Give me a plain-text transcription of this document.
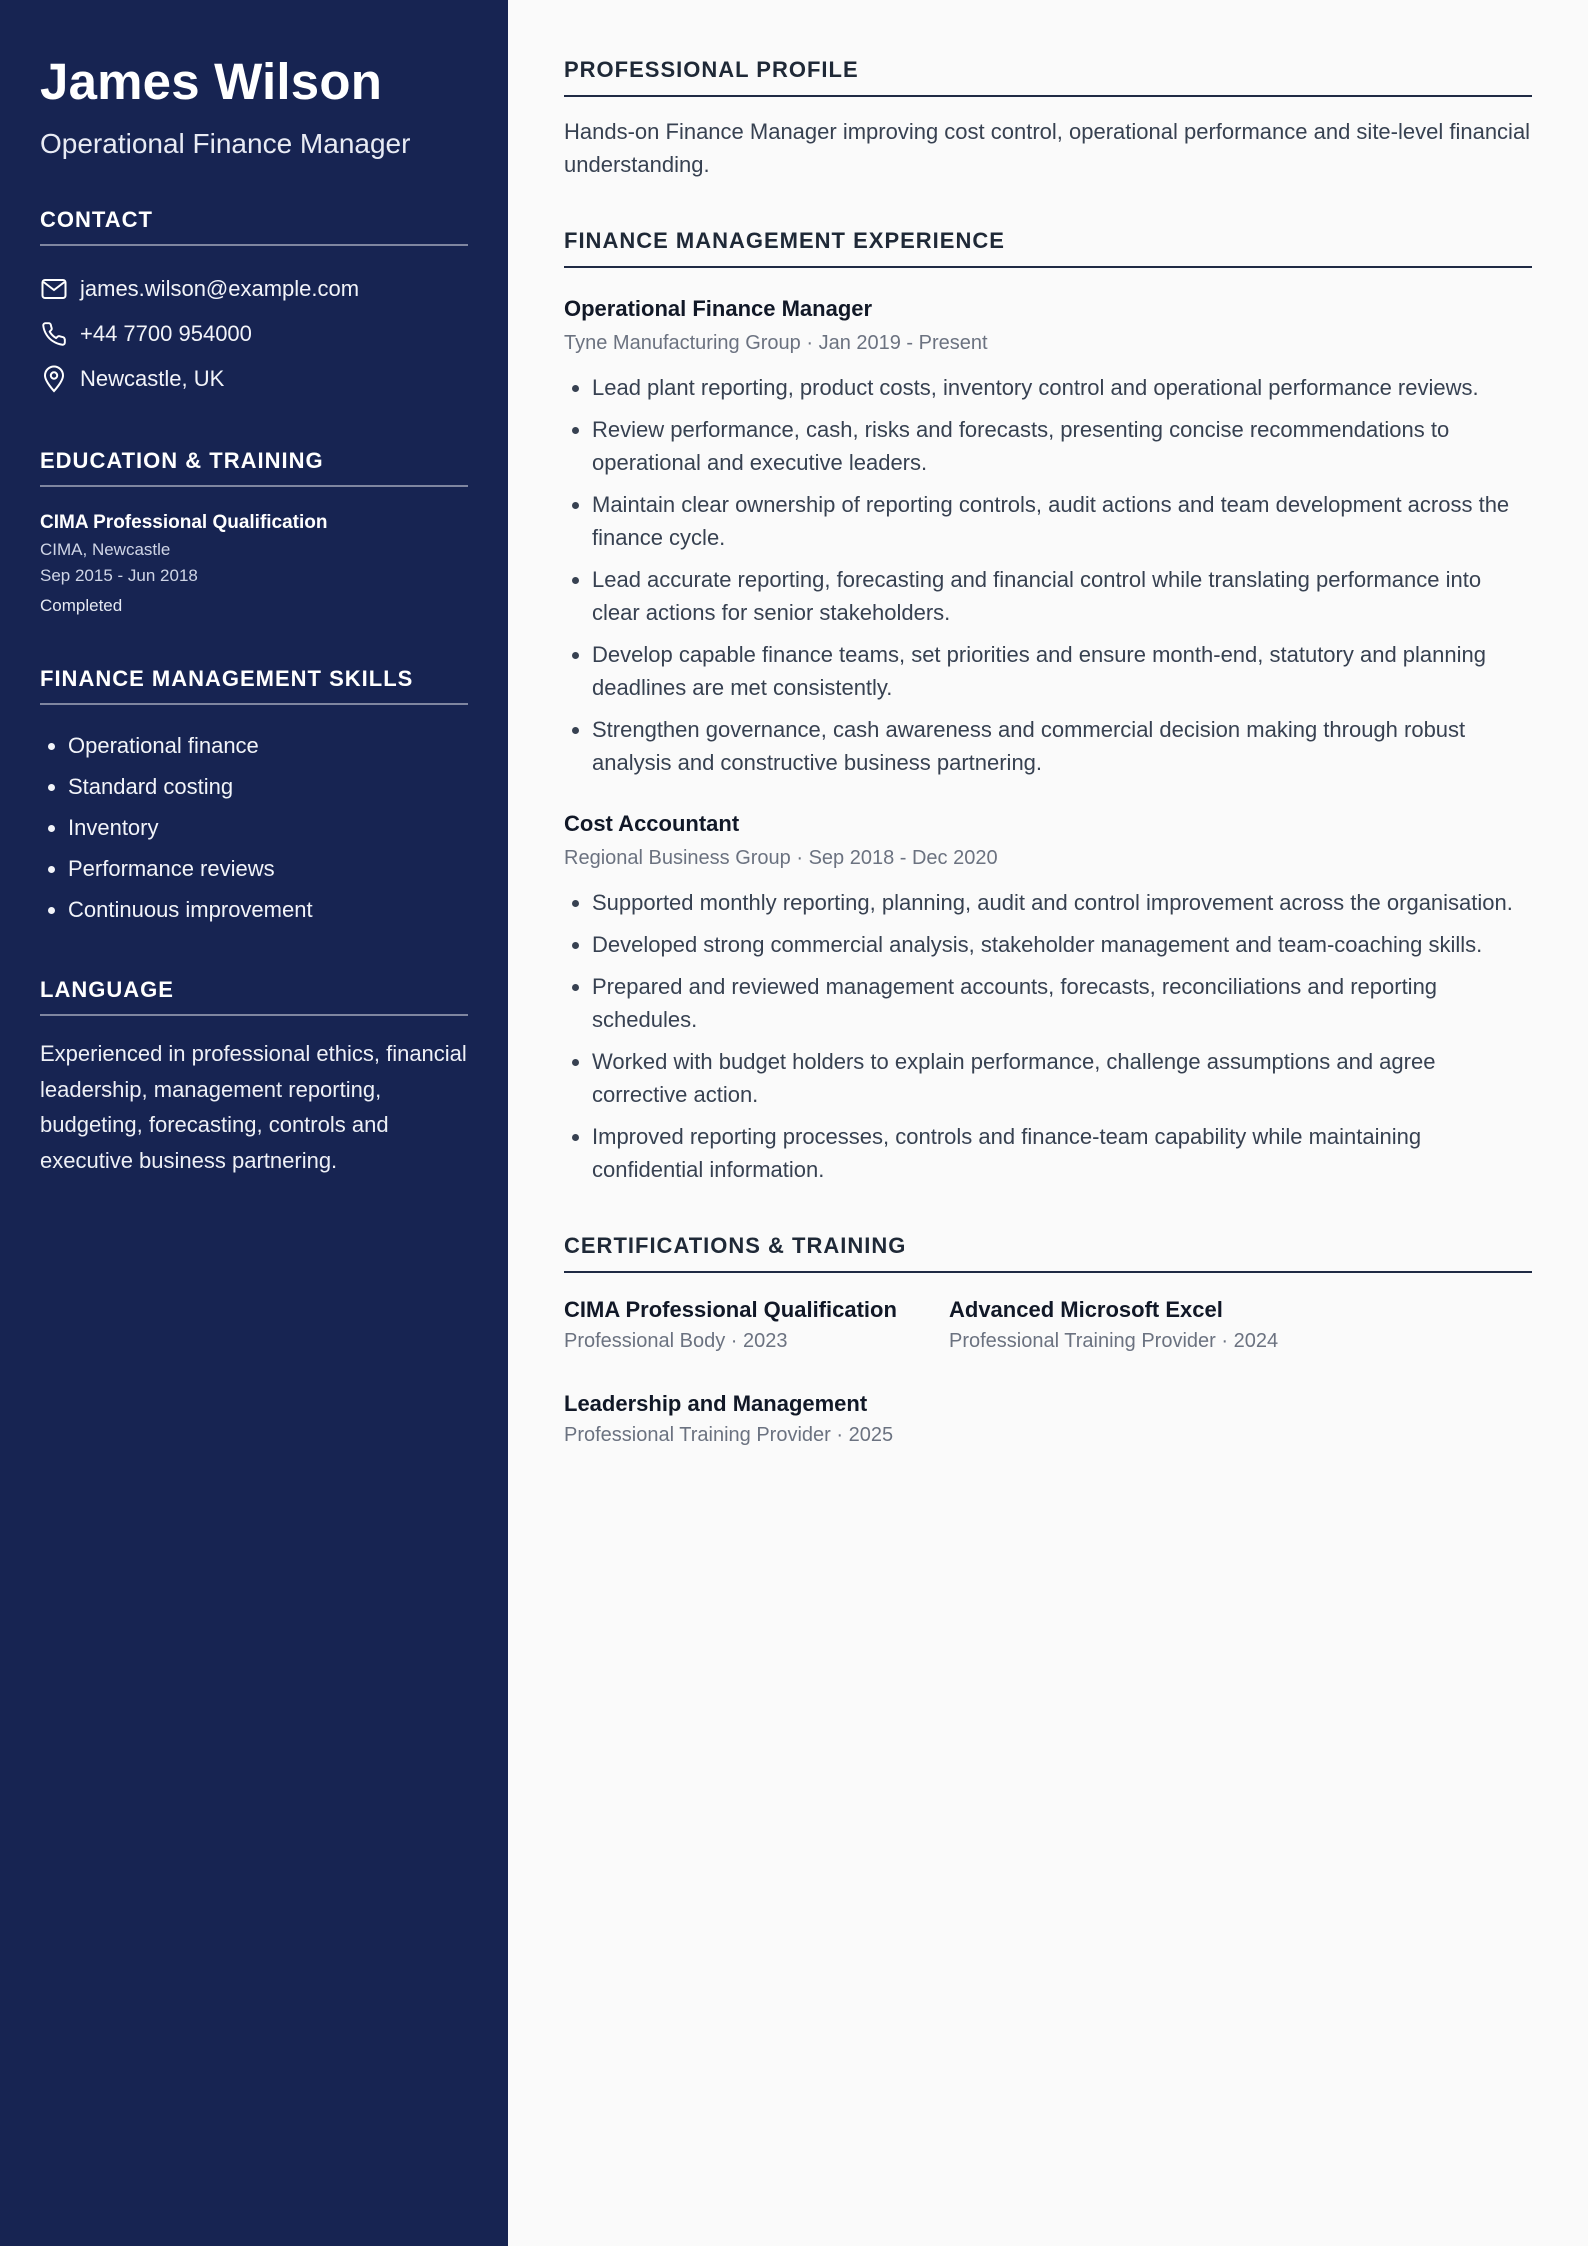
James Wilson
Operational Finance Manager
CONTACT
james.wilson@example.com
+44 7700 954000
Newcastle, UK
EDUCATION & TRAINING
CIMA Professional Qualification
CIMA, Newcastle
Sep 2015 - Jun 2018
Completed
FINANCE MANAGEMENT SKILLS
• Operational finance
• Standard costing
• Inventory
• Performance reviews
• Continuous improvement
LANGUAGE

Experienced in professional ethics, financial leadership, management reporting, budgeting, forecasting, controls and executive business partnering.

PROFESSIONAL PROFILE

Hands-on Finance Manager improving cost control, operational performance and site-level financial understanding.

FINANCE MANAGEMENT EXPERIENCE
Operational Finance Manager
Tyne Manufacturing Group · Jan 2019 - Present
• Lead plant reporting, product costs, inventory control and operational performance reviews.
• Review performance, cash, risks and forecasts, presenting concise recommendations to operational and executive leaders.
• Maintain clear ownership of reporting controls, audit actions and team development across the finance cycle.
• Lead accurate reporting, forecasting and financial control while translating performance into clear actions for senior stakeholders.
• Develop capable finance teams, set priorities and ensure month-end, statutory and planning deadlines are met consistently.
• Strengthen governance, cash awareness and commercial decision making through robust analysis and constructive business partnering.
Cost Accountant
Regional Business Group · Sep 2018 - Dec 2020
• Supported monthly reporting, planning, audit and control improvement across the organisation.
• Developed strong commercial analysis, stakeholder management and team-coaching skills.
• Prepared and reviewed management accounts, forecasts, reconciliations and reporting schedules.
• Worked with budget holders to explain performance, challenge assumptions and agree corrective action.
• Improved reporting processes, controls and finance-team capability while maintaining confidential information.
CERTIFICATIONS & TRAINING
CIMA Professional Qualification
Professional Body · 2023
Advanced Microsoft Excel
Professional Training Provider · 2024
Leadership and Management
Professional Training Provider · 2025
